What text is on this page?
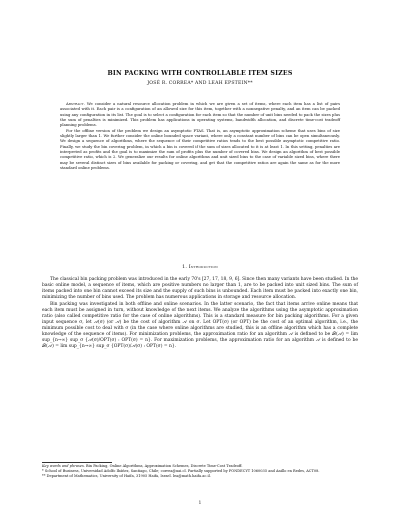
BIN PACKING WITH CONTROLLABLE ITEM SIZES
JOSÉ R. CORREA* AND LEAH EPSTEIN**

Abstract. We consider a natural resource allocation problem in which we are given a set of items, where each item has a list of pairs associated with it. Each pair is a configuration of an allowed size for this item, together with a nonnegative penalty, and an item can be packed using any configuration in its list. The goal is to select a configuration for each item so that the number of unit bins needed to pack the sizes plus the sum of penalties is minimized. This problem has applications in operating systems, bandwidth allocation, and discrete time-cost tradeoff planning problems.

For the offline version of the problem we design an asymptotic PTAS. That is, an asymptotic approximation scheme that uses bins of size slightly larger than 1. We further consider the online bounded space variant, where only a constant number of bins can be open simultaneously. We design a sequence of algorithms, where the sequence of their competitive ratios tends to the best possible asymptotic competitive ratio. Finally, we study the bin covering problem, in which a bin is covered if the sum of sizes allocated to it is at least 1. In this setting, penalties are interpreted as profits and the goal is to maximize the sum of profits plus the number of covered bins. We design an algorithm of best possible competitive ratio, which is 2. We generalize our results for online algorithms and unit sized bins to the case of variable sized bins, where there may be several distinct sizes of bins available for packing or covering, and get that the competitive ratios are again the same as for the more standard online problems.

1. Introduction

The classical bin packing problem was introduced in the early 70's [27, 17, 18, 9, 6]. Since then many variants have been studied. In the basic online model, a sequence of items, which are positive numbers no larger than 1, are to be packed into unit sized bins. The sum of items packed into one bin cannot exceed its size and the supply of such bins is unbounded. Each item must be packed into exactly one bin, minimizing the number of bins used. The problem has numerous applications in storage and resource allocation.

Bin packing was investigated in both offline and online scenarios. In the latter scenario, the fact that items arrive online means that each item must be assigned in turn, without knowledge of the next items. We analyze the algorithms using the asymptotic approximation ratio (also called competitive ratio for the case of online algorithms). This is a standard measure for bin packing algorithms. For a given input sequence σ, let 𝒜(σ) (or 𝒜) be the cost of algorithm 𝒜 on σ. Let OPT(σ) (or OPT) be the cost of an optimal algorithm, i.e., the minimum possible cost to deal with σ (in the case where online algorithms are studied, this is an offline algorithm which has a complete knowledge of the sequence of items). For minimization problems, the approximation ratio for an algorithm 𝒜 is defined to be ℛ(𝒜) = lim sup_{n→∞} sup_σ {𝒜(σ)/OPT(σ) : OPT(σ) = n}. For maximization problems, the approximation ratio for an algorithm 𝒜 is defined to be ℛ(𝒜) = lim sup_{n→∞} sup_σ {OPT(σ)/𝒜(σ) : OPT(σ) = n}.

Key words and phrases. Bin Packing, Online Algorithms, Approximation Schemes, Discrete Time-Cost Tradeoff.

* School of Business, Universidad Adolfo Ibáñez, Santiago, Chile; correa@uai.cl. Partially supported by FONDECYT 1060035 and Anillo en Redes, ACT08.

** Department of Mathematics, University of Haifa, 31905 Haifa, Israel. lea@math.haifa.ac.il.

1
